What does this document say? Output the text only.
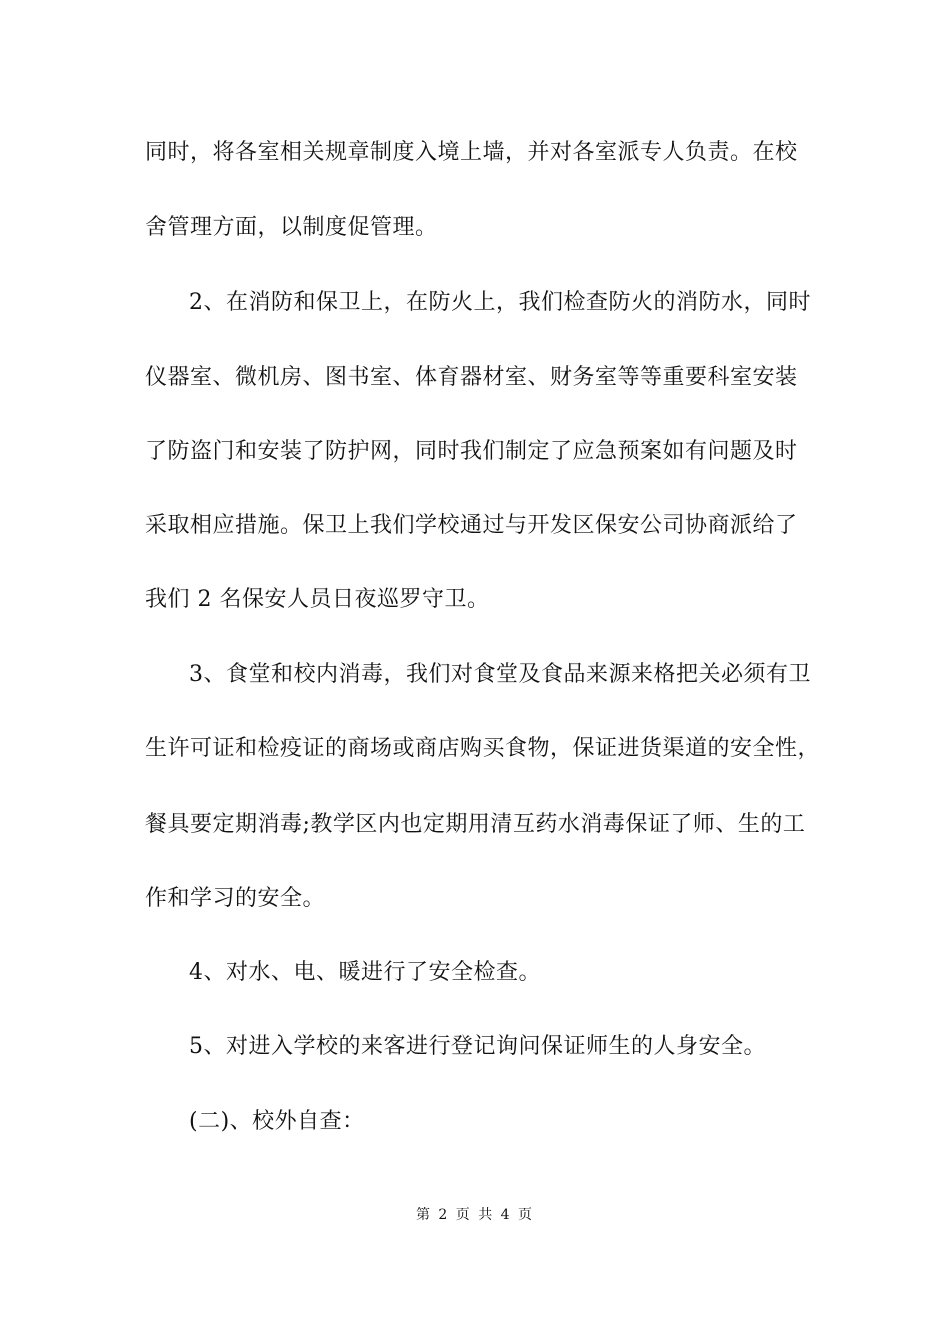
同时，将各室相关规章制度入境上墙，并对各室派专人负责。在校
舍管理方面，以制度促管理。
2、在消防和保卫上，在防火上，我们检查防火的消防水，同时
仪器室、微机房、图书室、体育器材室、财务室等等重要科室安装
了防盗门和安装了防护网，同时我们制定了应急预案如有问题及时
采取相应措施。保卫上我们学校通过与开发区保安公司协商派给了
我们 2 名保安人员日夜巡罗守卫。
3、食堂和校内消毒，我们对食堂及食品来源来格把关必须有卫
生许可证和检疫证的商场或商店购买食物，保证进货渠道的安全性，
餐具要定期消毒;教学区内也定期用清互药水消毒保证了师、生的工
作和学习的安全。
4、对水、电、暖进行了安全检查。
5、对进入学校的来客进行登记询问保证师生的人身安全。
(二)、校外自查：
第 2 页 共 4 页
